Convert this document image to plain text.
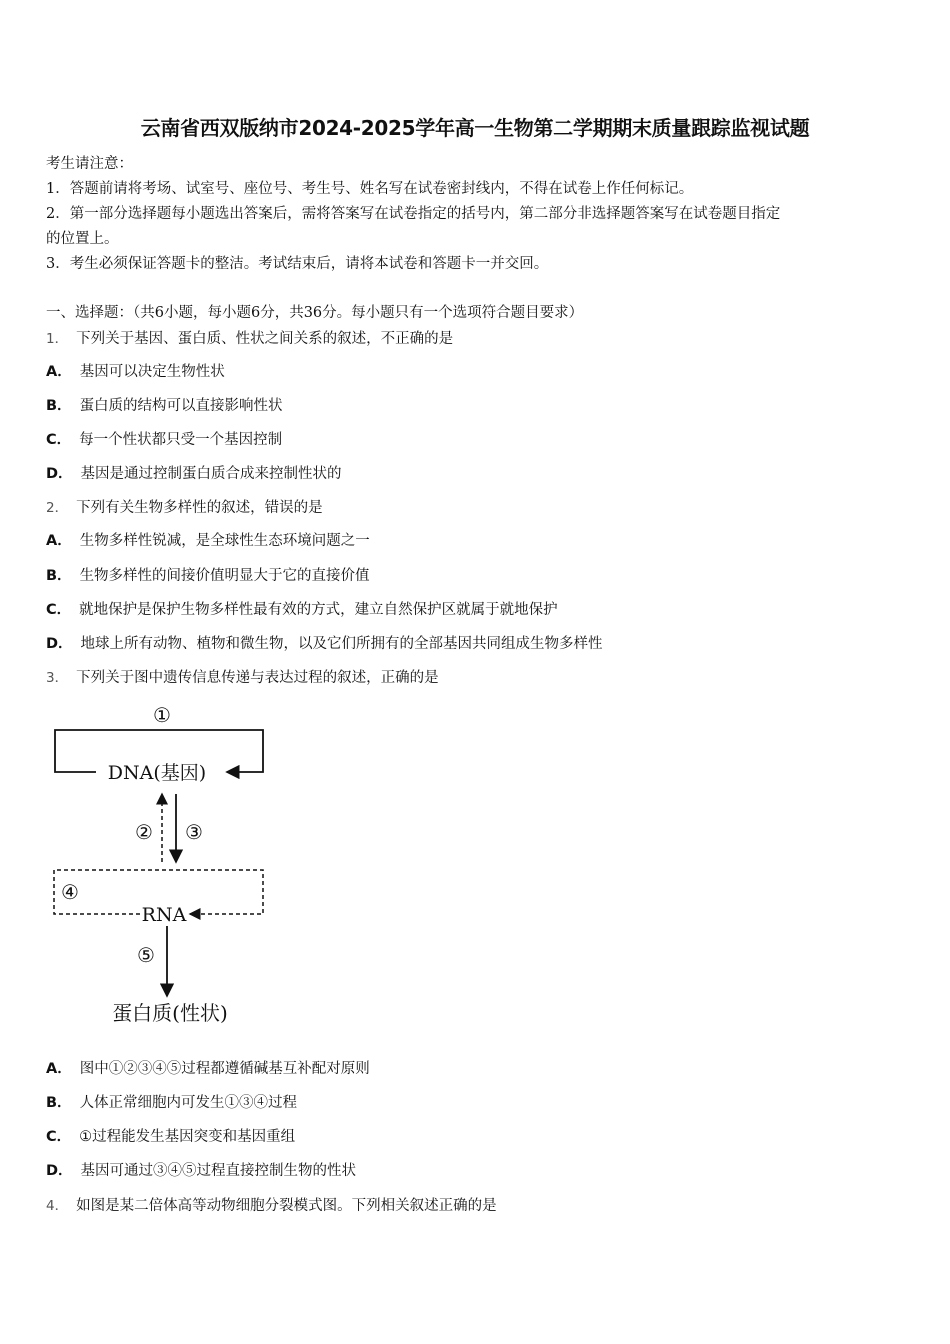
云南省西双版纳市2024-2025学年高一生物第二学期期末质量跟踪监视试题
考生请注意：
1．答题前请将考场、试室号、座位号、考生号、姓名写在试卷密封线内，不得在试卷上作任何标记。
2．第一部分选择题每小题选出答案后，需将答案写在试卷指定的括号内，第二部分非选择题答案写在试卷题目指定
的位置上。
3．考生必须保证答题卡的整洁。考试结束后，请将本试卷和答题卡一并交回。
一、选择题：（共6小题，每小题6分，共36分。每小题只有一个选项符合题目要求）
1． 下列关于基因、蛋白质、性状之间关系的叙述，不正确的是
A． 基因可以决定生物性状
B． 蛋白质的结构可以直接影响性状
C． 每一个性状都只受一个基因控制
D． 基因是通过控制蛋白质合成来控制性状的
2． 下列有关生物多样性的叙述，错误的是
A． 生物多样性锐减，是全球性生态环境问题之一
B． 生物多样性的间接价值明显大于它的直接价值
C． 就地保护是保护生物多样性最有效的方式，建立自然保护区就属于就地保护
D． 地球上所有动物、植物和微生物，以及它们所拥有的全部基因共同组成生物多样性
3． 下列关于图中遗传信息传递与表达过程的叙述，正确的是
①
DNA(基因)
② ③
④
RNA
⑤
蛋白质(性状)
A． 图中①②③④⑤过程都遵循碱基互补配对原则
B． 人体正常细胞内可发生①③④过程
C． ①过程能发生基因突变和基因重组
D． 基因可通过③④⑤过程直接控制生物的性状
4． 如图是某二倍体高等动物细胞分裂模式图。下列相关叙述正确的是
